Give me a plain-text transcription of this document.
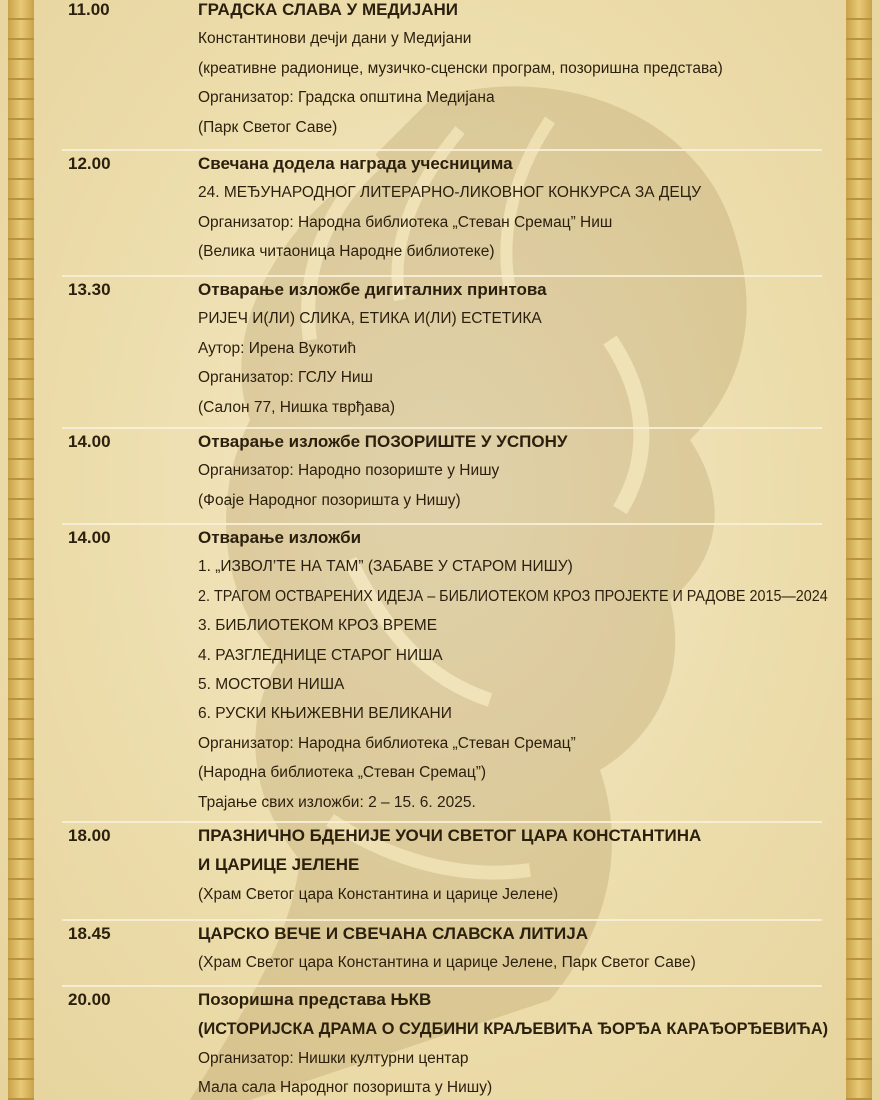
11.00	ГРАДСКА СЛАВА У МЕДИЈАНИ
Константинови дечји дани у Медијани
(креативне радионице, музичко-сценски програм, позоришна представа)
Организатор: Градска општина Медијана
(Парк Светог Саве)
12.00	Свечана додела награда учесницима
24. МЕЂУНАРОДНОГ ЛИТЕРАРНО-ЛИКОВНОГ КОНКУРСА ЗА ДЕЦУ
Организатор: Народна библиотека „Стеван Сремац” Ниш
(Велика читаоница Народне библиотеке)
13.30	Отварање изложбе дигиталних принтова
РИЈЕЧ И(ЛИ) СЛИКА, ЕТИКА И(ЛИ) ЕСТЕТИКА
Аутор: Ирена Вукотић
Организатор: ГСЛУ Ниш
(Салон 77, Нишка тврђава)
14.00	Отварање изложбе ПОЗОРИШТЕ У УСПОНУ
Организатор: Народно позориште у Нишу
(Фоаје Народног позоришта у Нишу)
14.00	Отварање изложби
1. „ИЗВОЛ’ТЕ НА ТАМ” (ЗАБАВЕ У СТАРОМ НИШУ)
2. ТРАГОМ ОСТВАРЕНИХ ИДЕЈА – БИБЛИОТЕКОМ КРОЗ ПРОЈЕКТЕ И РАДОВЕ 2015—2024
3. БИБЛИОТЕКОМ КРОЗ ВРЕМЕ
4. РАЗГЛЕДНИЦЕ СТАРОГ НИША
5. МОСТОВИ НИША
6. РУСКИ КЊИЖЕВНИ ВЕЛИКАНИ
Организатор: Народна библиотека „Стеван Сремац”
(Народна библиотека „Стеван Сремац”)
Трајање свих изложби: 2 – 15. 6. 2025.
18.00	ПРАЗНИЧНО БДЕНИЈЕ УОЧИ СВЕТОГ ЦАРА КОНСТАНТИНА
И ЦАРИЦЕ ЈЕЛЕНЕ
(Храм Светог цара Константина и царице Јелене)
18.45	ЦАРСКО ВЕЧЕ И СВЕЧАНА СЛАВСКА ЛИТИЈА
(Храм Светог цара Константина и царице Јелене, Парк Светог Саве)
20.00	Позоришна представа ЊКВ
(ИСТОРИЈСКА ДРАМА О СУДБИНИ КРАЉЕВИЋА ЂОРЂА КАРАЂОРЂЕВИЋА)
Организатор: Нишки културни центар
Мала сала Народног позоришта у Нишу)
